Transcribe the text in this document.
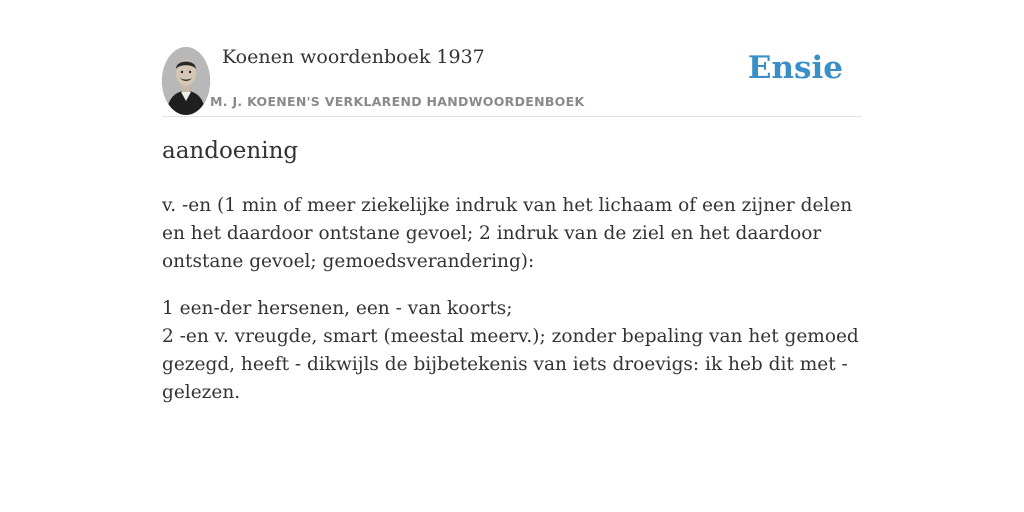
Koenen woordenboek 1937
M. J. KOENEN'S VERKLAREND HANDWOORDENBOEK
Ensie
aandoening

v. -en (1 min of meer ziekelijke indruk van het lichaam of een zijner delen en het daardoor ontstane gevoel; 2 indruk van de ziel en het daardoor ontstane gevoel; gemoedsverandering):

1 een-der hersenen, een - van koorts;
2 -en v. vreugde, smart (meestal meerv.); zonder bepaling van het gemoed gezegd, heeft - dikwijls de bijbetekenis van iets droevigs: ik heb dit met - gelezen.
